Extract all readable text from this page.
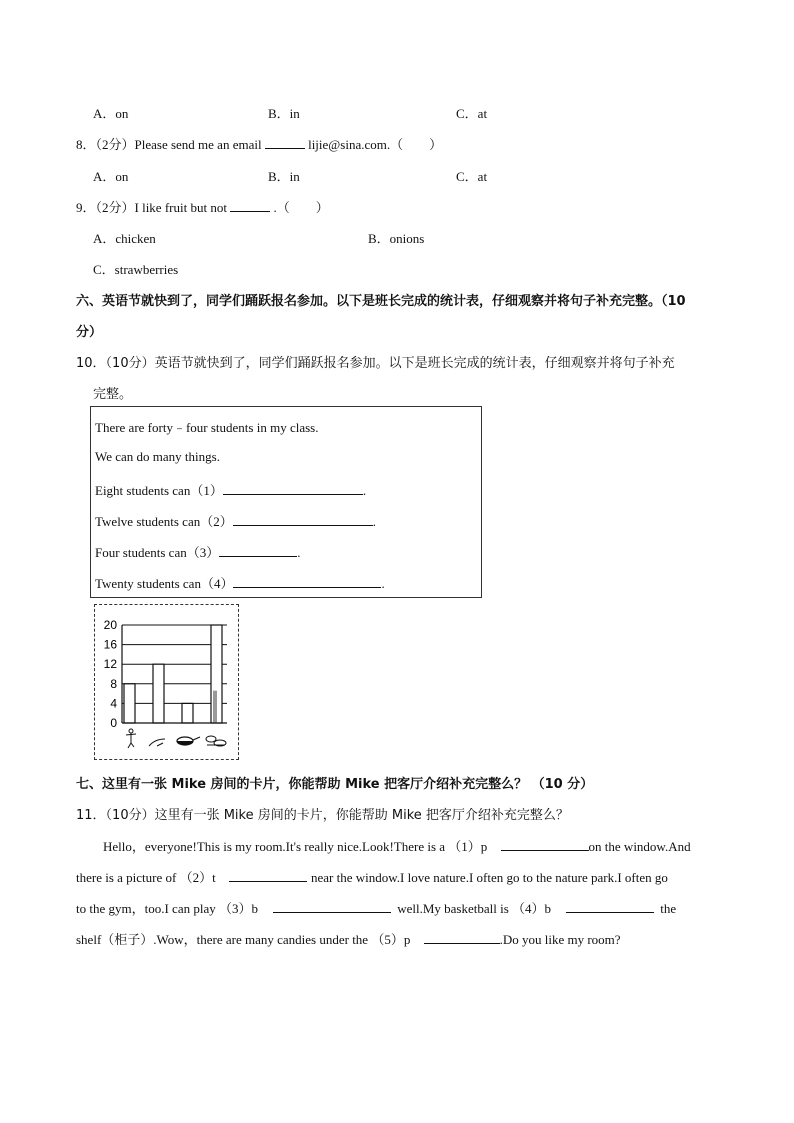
A．on	B．in	C．at
8．（2分）Please send me an email	lijie@sina.com.（　　）
A．on	B．in	C．at
9．（2分）I like fruit but not	.（　　）
A．chicken	B．onions
C．strawberries
六、英语节就快到了，同学们踊跃报名参加。以下是班长完成的统计表，仔细观察并将句子补充完整。（10
分）
10．（10分）英语节就快到了，同学们踊跃报名参加。以下是班长完成的统计表，仔细观察并将句子补充
完整。
There are forty﹣four students in my class.
We can do many things.
Eight students can（1）	.
Twelve students can（2）	.
Four students can（3）	.
Twenty students can（4）	.
0
4
8
12
16
20
七、这里有一张 Mike 房间的卡片，你能帮助 Mike 把客厅介绍补充完整么？ （10 分）
11．（10分）这里有一张 Mike 房间的卡片，你能帮助 Mike 把客厅介绍补充完整么？
Hello，everyone!This is my room.It's really nice.Look!There is a （1）p	on the window.And
there is a picture of （2）t	near the window.I love nature.I often go to the nature park.I often go
to the gym，too.I can play （3）b	well.My basketball is （4）b	the
shelf（柜子）.Wow，there are many candies under the （5）p	.Do you like my room?
